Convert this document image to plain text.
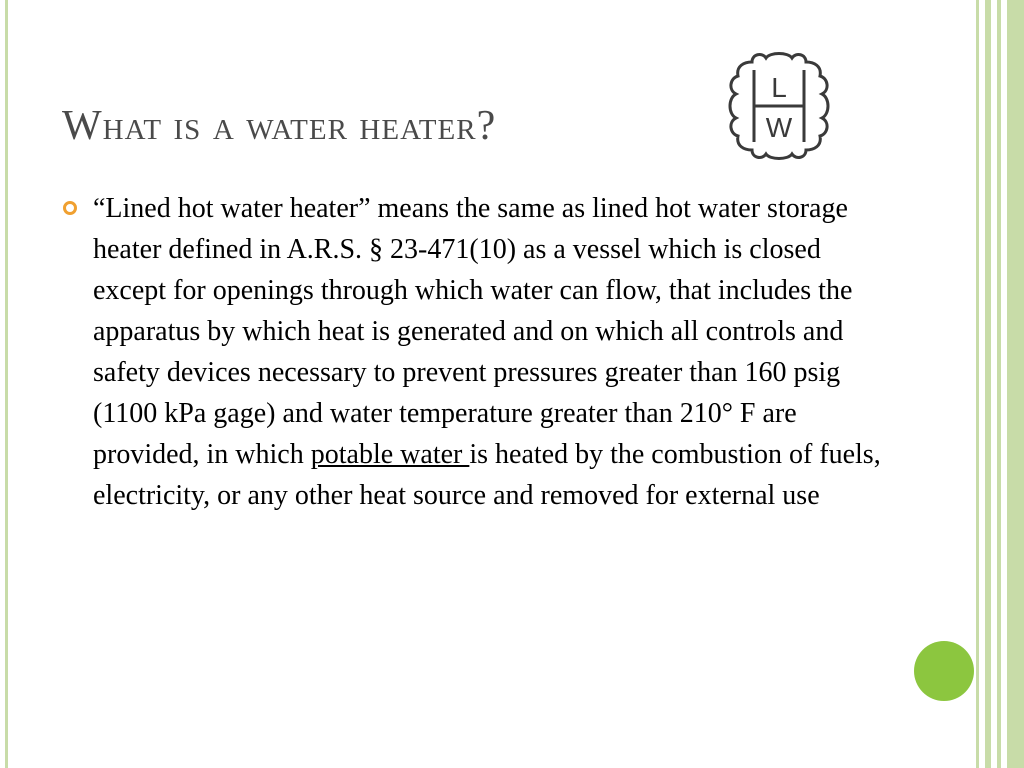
What is a water heater?
L
W

“Lined hot water heater” means the same as lined hot water storage heater defined in A.R.S. § 23-471(10) as a vessel which is closed except for openings through which water can flow, that includes the apparatus by which heat is generated and on which all controls and safety devices necessary to prevent pressures greater than 160 psig (1100 kPa gage) and water temperature greater than 210° F are provided, in which potable water is heated by the combustion of fuels, electricity, or any other heat source and removed for external use
